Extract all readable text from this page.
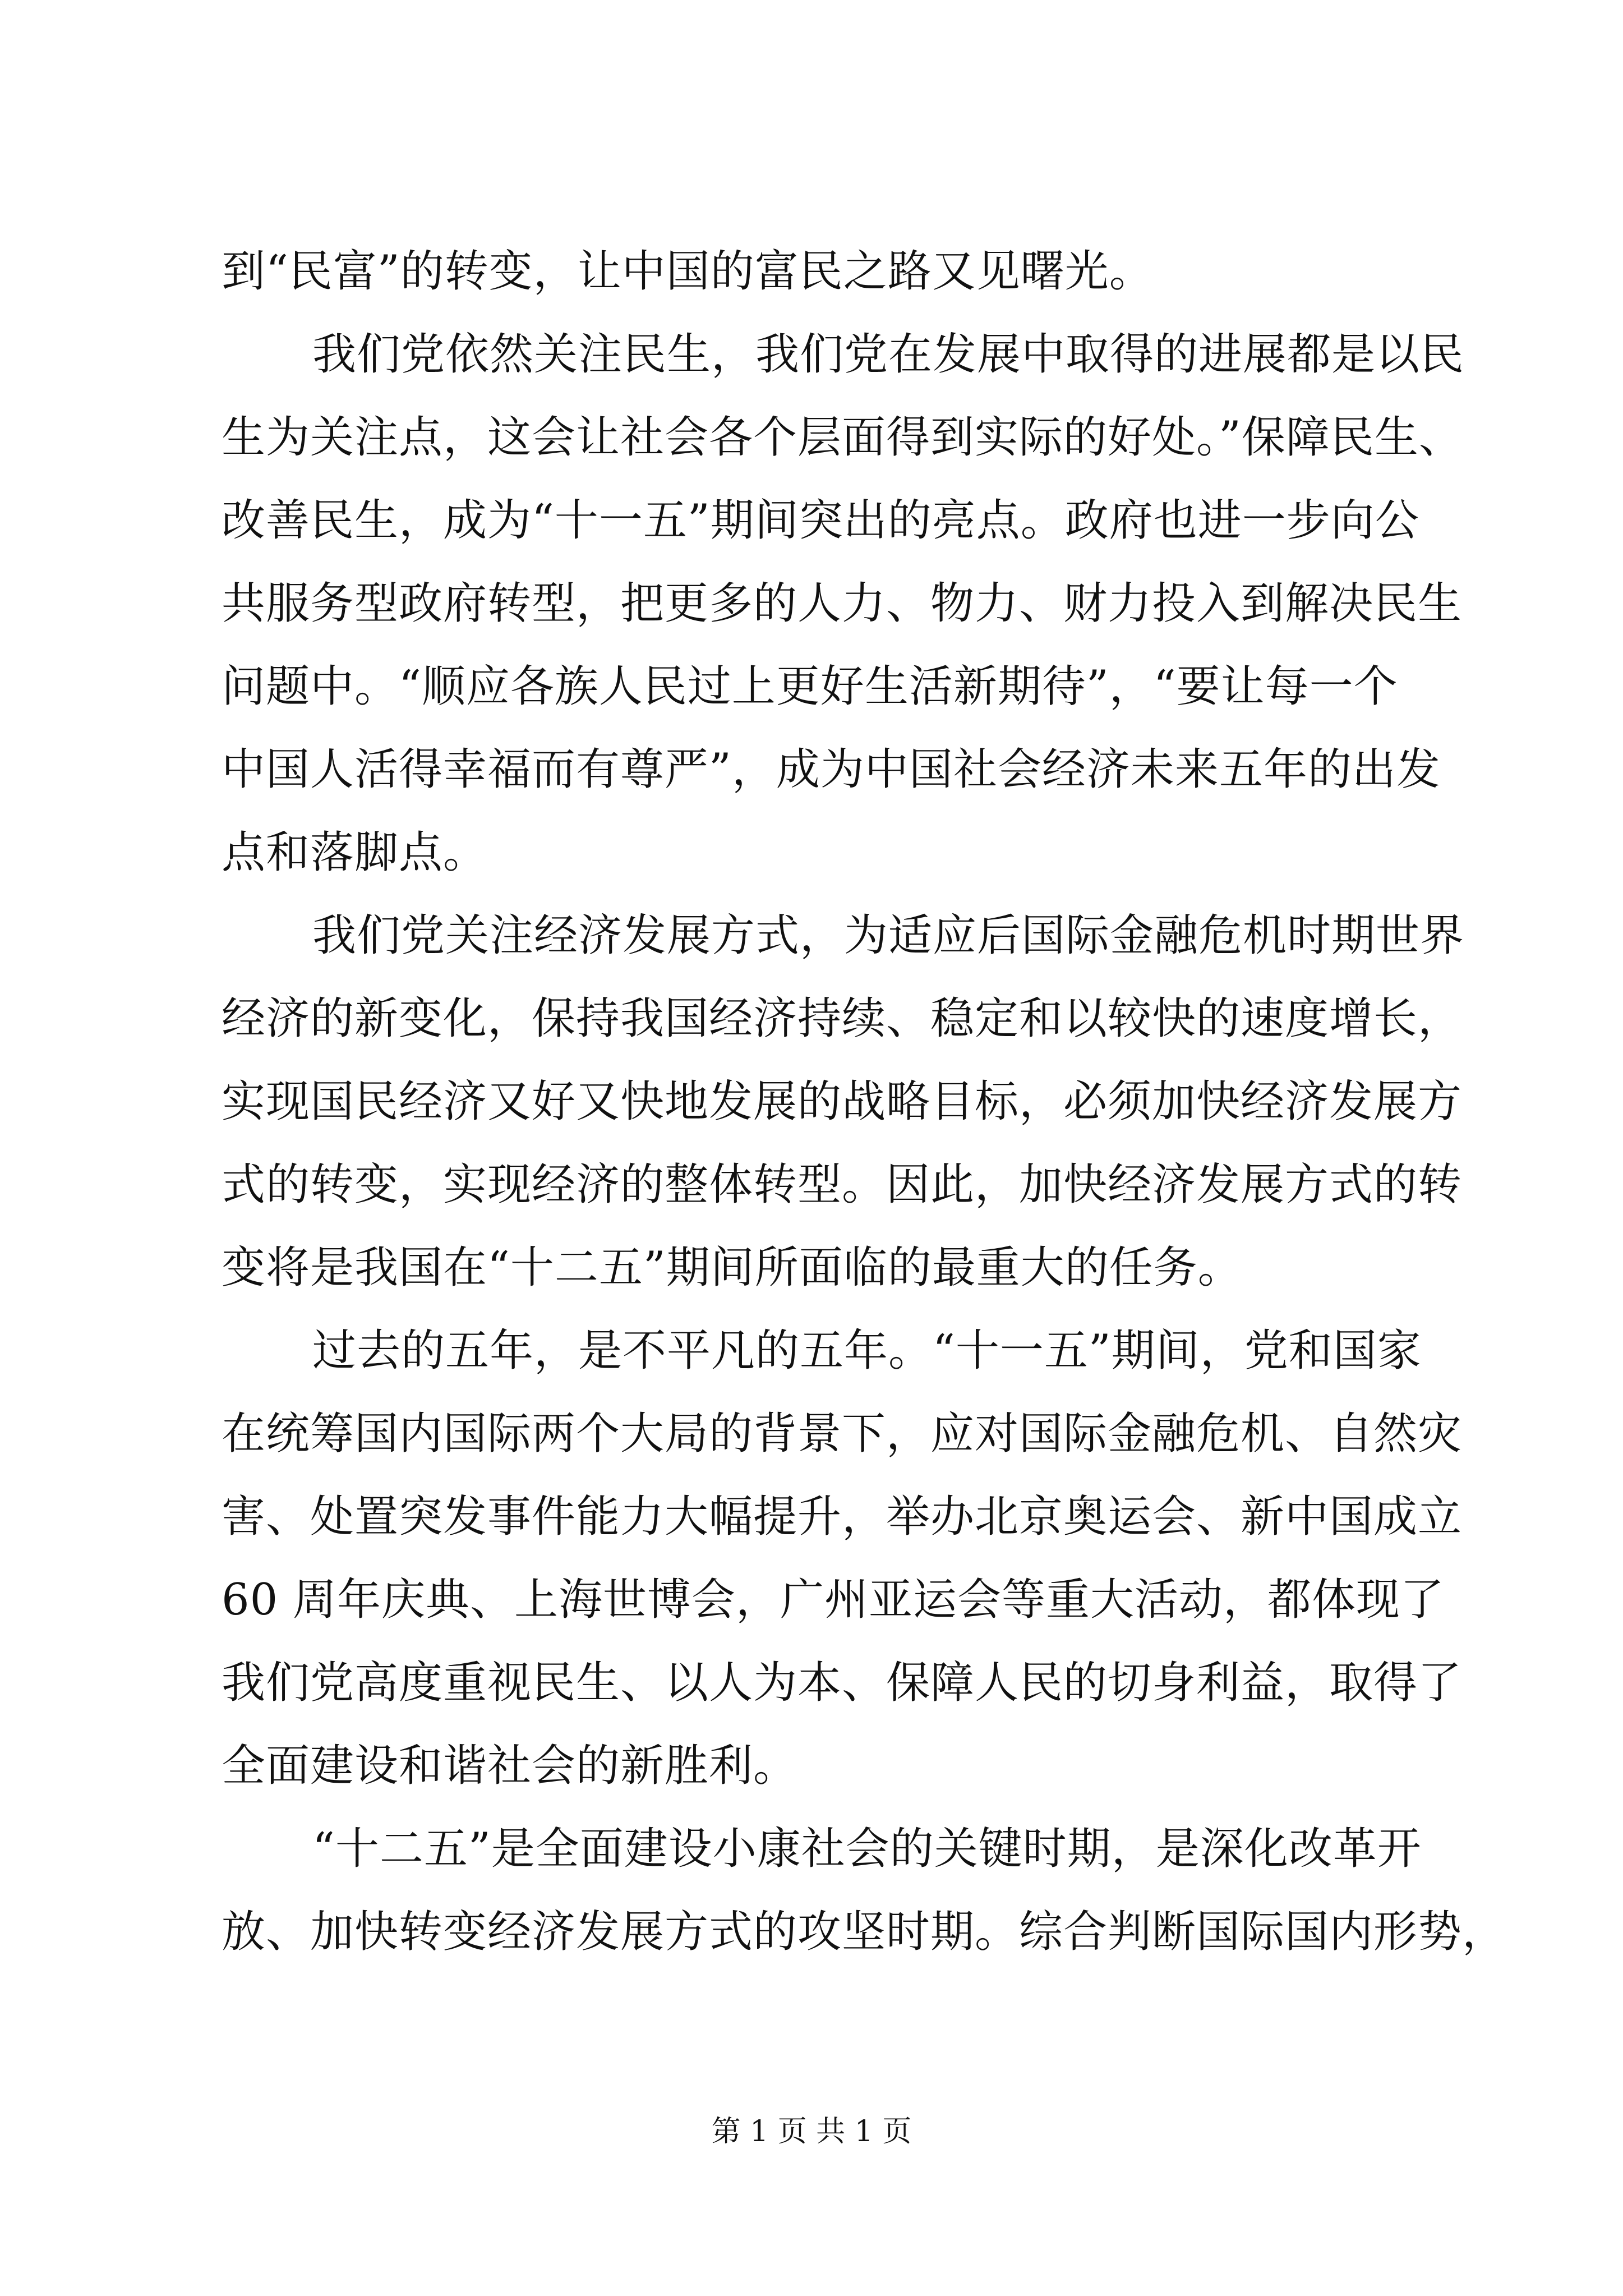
到“民富”的转变，让中国的富民之路又见曙光。
我们党依然关注民生，我们党在发展中取得的进展都是以民
生为关注点，这会让社会各个层面得到实际的好处。”保障民生、
改善民生，成为“十一五”期间突出的亮点。政府也进一步向公
共服务型政府转型，把更多的人力、物力、财力投入到解决民生
问题中。“顺应各族人民过上更好生活新期待”，“要让每一个
中国人活得幸福而有尊严”，成为中国社会经济未来五年的出发
点和落脚点。
我们党关注经济发展方式，为适应后国际金融危机时期世界
经济的新变化，保持我国经济持续、稳定和以较快的速度增长，
实现国民经济又好又快地发展的战略目标，必须加快经济发展方
式的转变，实现经济的整体转型。因此，加快经济发展方式的转
变将是我国在“十二五”期间所面临的最重大的任务。
过去的五年，是不平凡的五年。“十一五”期间，党和国家
在统筹国内国际两个大局的背景下，应对国际金融危机、自然灾
害、处置突发事件能力大幅提升，举办北京奥运会、新中国成立
60 周年庆典、上海世博会，广州亚运会等重大活动，都体现了
我们党高度重视民生、以人为本、保障人民的切身利益，取得了
全面建设和谐社会的新胜利。
“十二五”是全面建设小康社会的关键时期，是深化改革开
放、加快转变经济发展方式的攻坚时期。综合判断国际国内形势，
第 1 页 共 1 页
